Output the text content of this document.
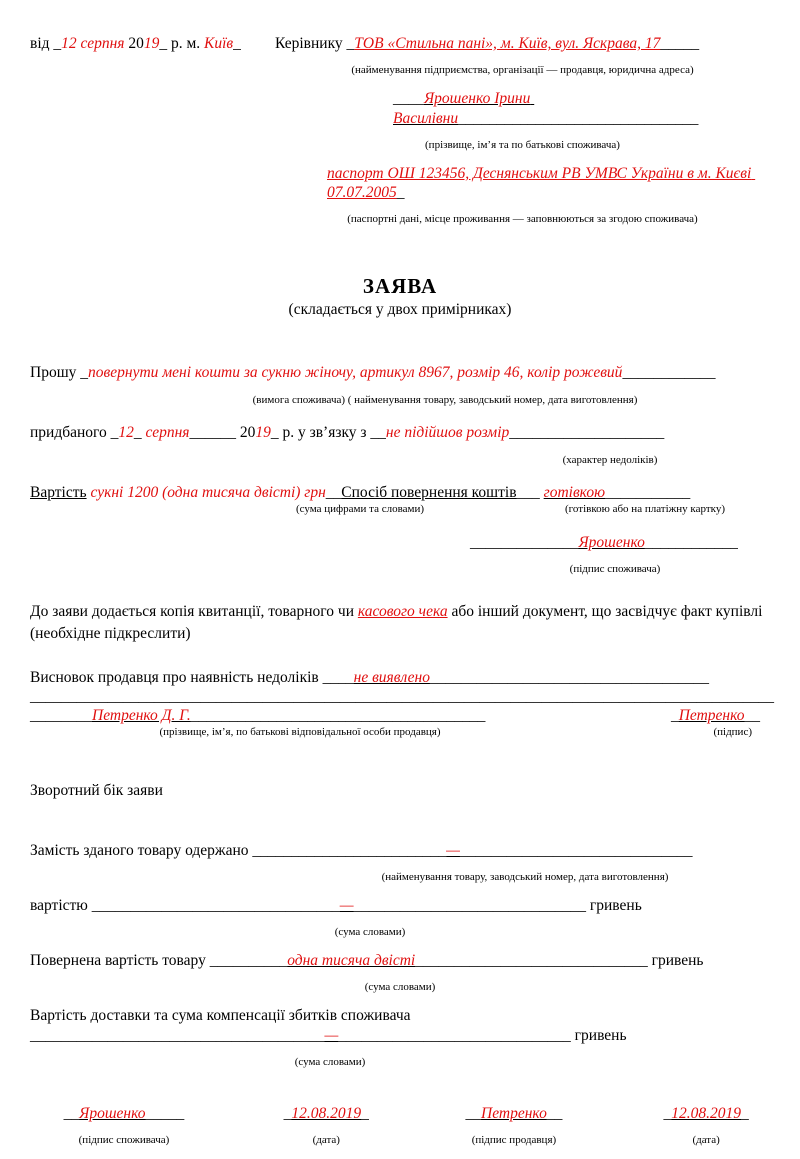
від _12 серпня 2019_ р. м. Київ_	Керівнику _ТОВ «Стильна пані», м. Київ, вул. Яскрава, 17_____

(найменування підприємства, організації — продавця, юридична адреса)

____Ярошенко Ірини Василівни_______________________________

(прізвище, ім’я та по батькові споживача)

паспорт ОШ 123456, Деснянським РВ УМВС України в м. Києві 07.07.2005_

(паспортні дані, місце проживання — заповнюються за згодою споживача)

ЗАЯВА

(складається у двох примірниках)

Прошу _повернути мені кошти за сукню жіночу, артикул 8967, розмір 46, колір рожевий____________

(вимога споживача) ( найменування товару, заводський номер, дата виготовлення)

придбаного _12_ серпня______ 2019_ р. у зв’язку з __не підійшов розмір____________________

(характер недоліків)

Вартість сукні 1200 (одна тисяча двісті) грн__Спосіб повернення коштів___ готівкою___________

(сума цифрами та словами)	(готівкою або на платіжну картку)

______________Ярошенко____________

(підпис споживача)

До заяви додається копія квитанції, товарного чи касового чека або інший документ, що засвідчує факт купівлі (необхідне підкреслити)

Висновок продавця про наявність недоліків ____не виявлено____________________________________

________________________________________________________________________________________________

________Петренко Д. Г.______________________________________	_Петренко__

(прізвище, ім’я, по батькові відповідальної особи продавця)	(підпис)

Зворотний бік заяви

Замість зданого товару одержано _________________________—______________________________

(найменування товару, заводський номер, дата виготовлення)

вартістю ________________________________—______________________________ гривень

(сума словами)

Повернена вартість товару __________одна тисяча двісті______________________________ гривень

(сума словами)

Вартість доставки та сума компенсації збитків споживача

______________________________________—______________________________ гривень

(сума словами)

__Ярошенко_____

(підпис споживача)

_12.08.2019_

(дата)

__Петренко__

(підпис продавця)

_12.08.2019_

(дата)
